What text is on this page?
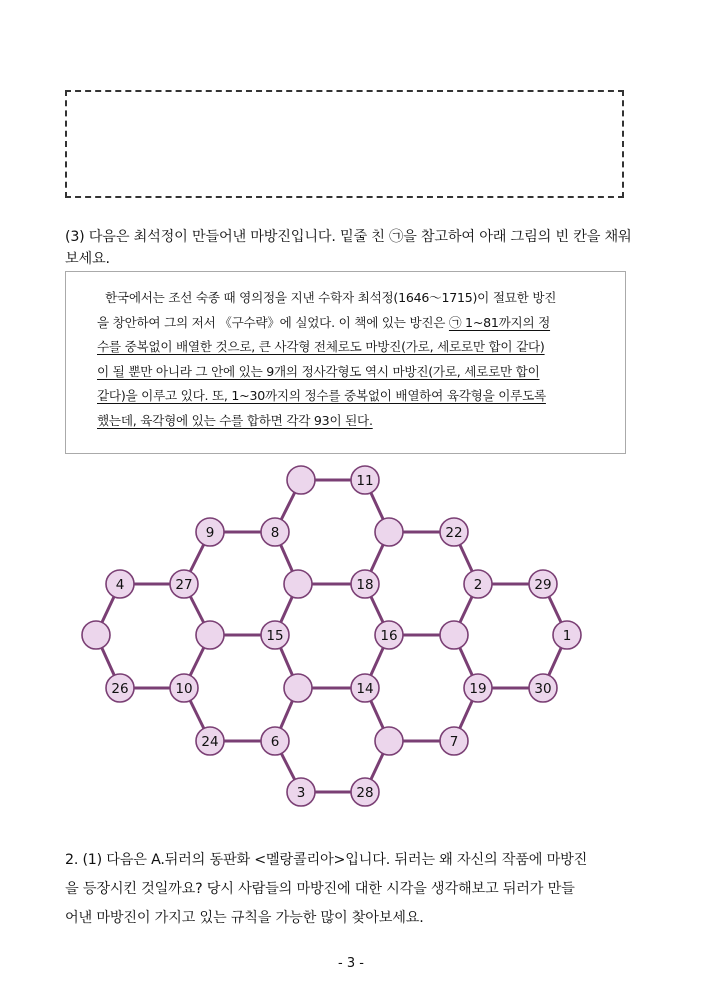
(3) 다음은 최석정이 만들어낸 마방진입니다. 밑줄 친 ㉠을 참고하여 아래 그림의 빈 칸을 채워보세요.
한국에서는 조선 숙종 때 영의정을 지낸 수학자 최석정(1646～1715)이 절묘한 방진
을 창안하여 그의 저서 《구수략》에 실었다. 이 책에 있는 방진은 ㉠ 1~81까지의 정
수를 중복없이 배열한 것으로, 큰 사각형 전체로도 마방진(가로, 세로로만 합이 같다)
이 될 뿐만 아니라 그 안에 있는 9개의 정사각형도 역시 마방진(가로, 세로로만 합이
같다)을 이루고 있다. 또, 1~30까지의 정수를 중복없이 배열하여 육각형을 이루도록
했는데, 육각형에 있는 수를 합하면 각각 93이 된다.
11
9	8	22
4	27	18	2	29
15	16	1
26	10	14	19	30
24	6	7
3	28
2. (1) 다음은 A.뒤러의 동판화 <멜랑콜리아>입니다. 뒤러는 왜 자신의 작품에 마방진
을 등장시킨 것일까요? 당시 사람들의 마방진에 대한 시각을 생각해보고 뒤러가 만들
어낸 마방진이 가지고 있는 규칙을 가능한 많이 찾아보세요.
- 3 -
